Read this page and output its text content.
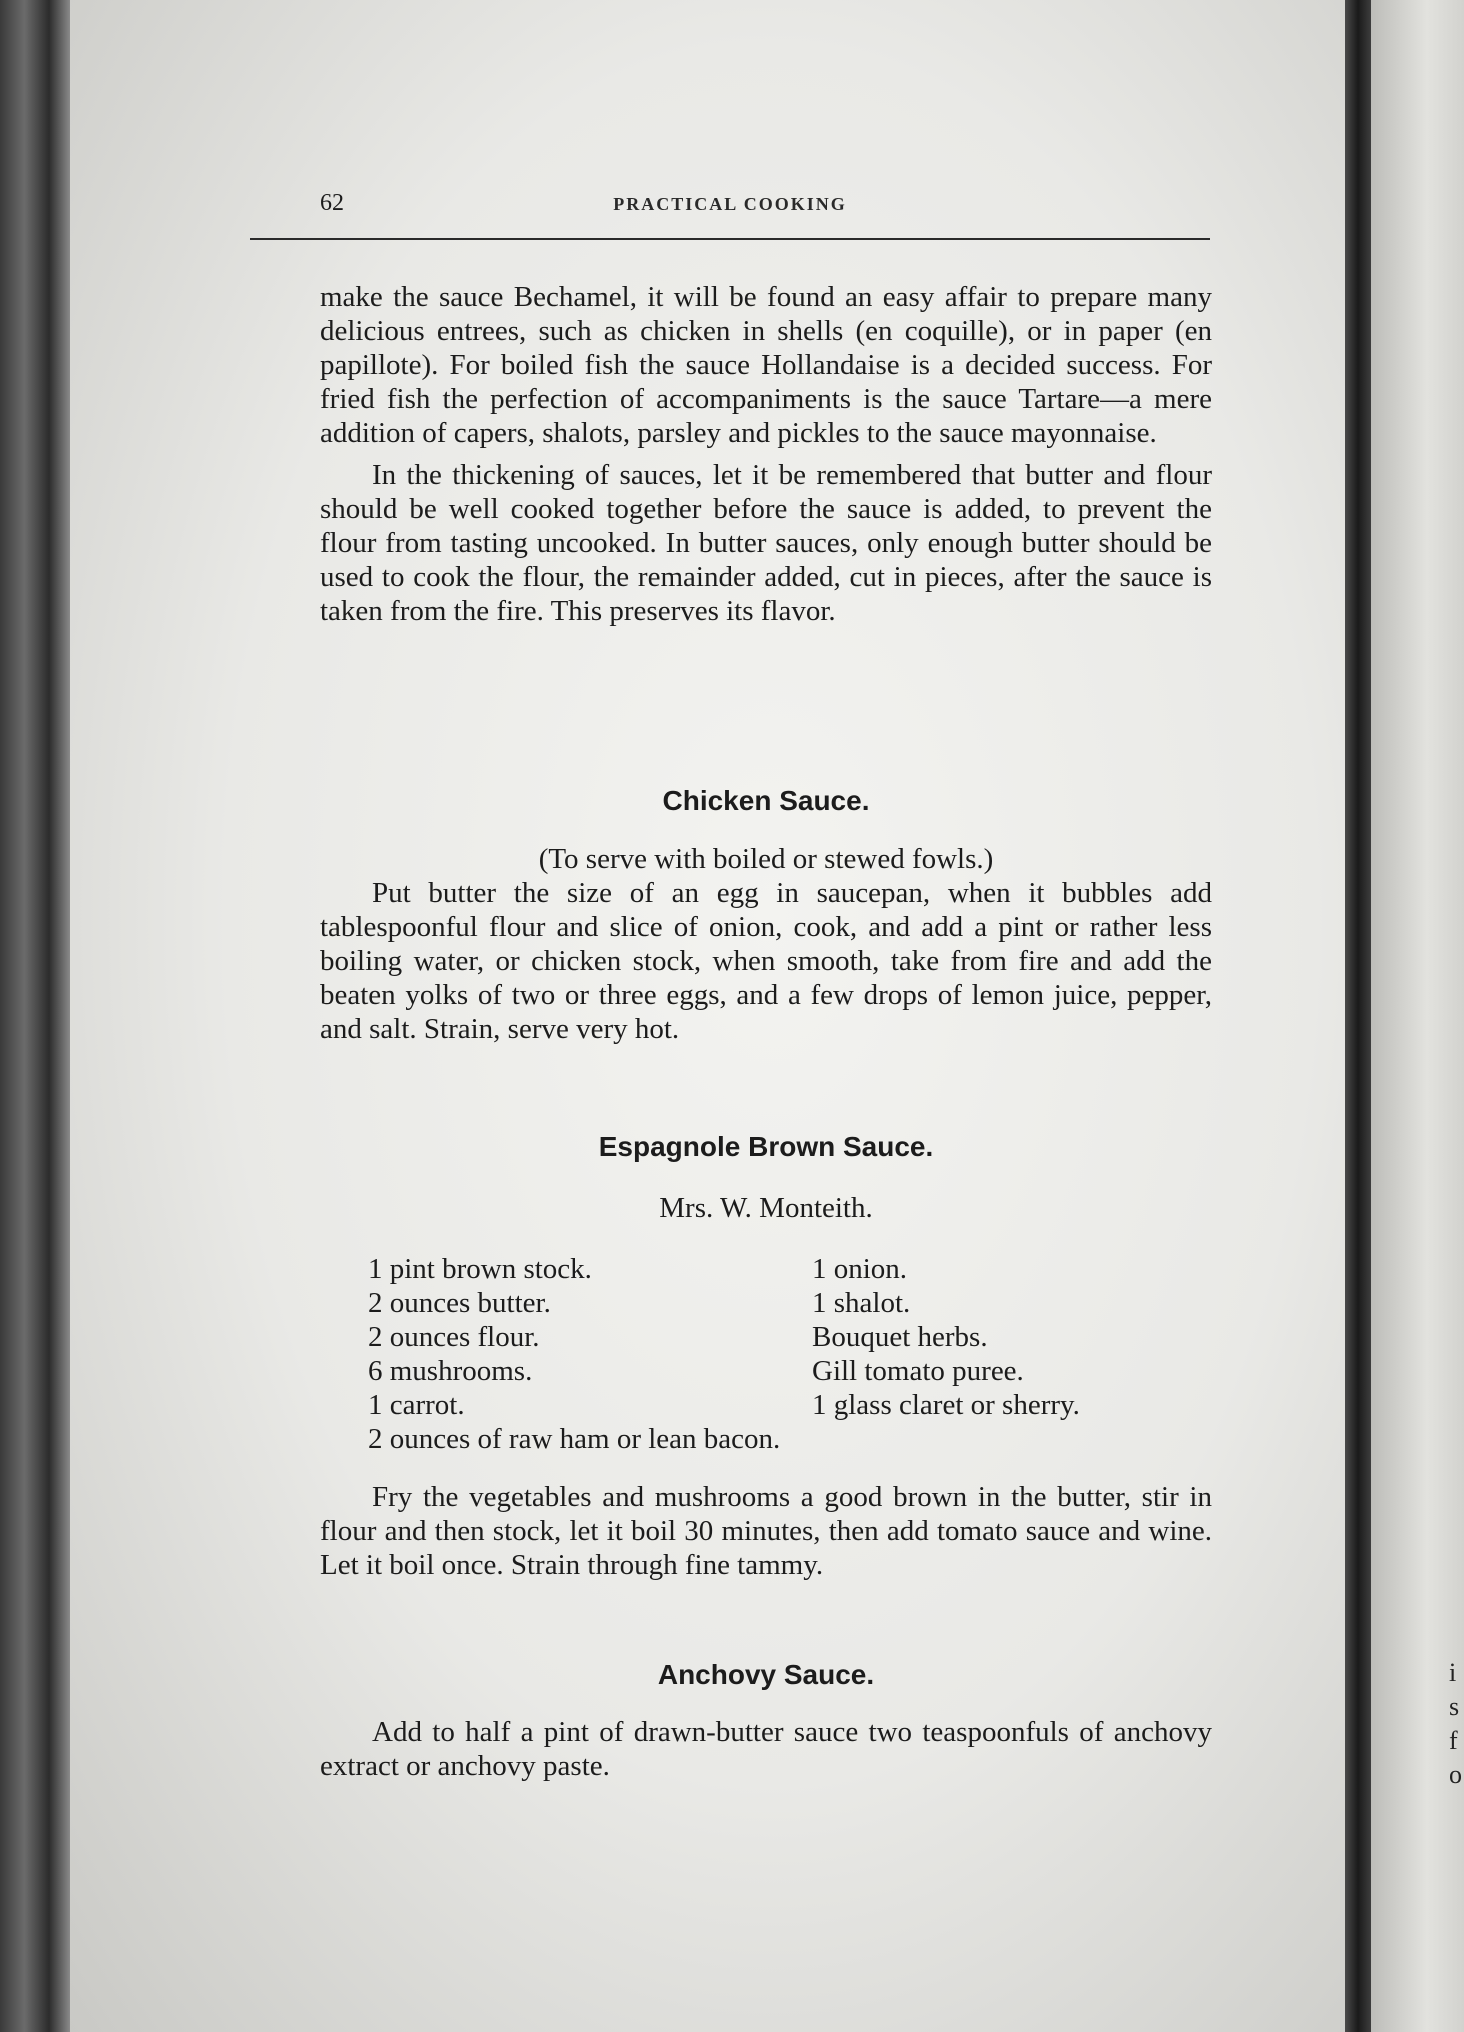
62	PRACTICAL COOKING

make the sauce Bechamel, it will be found an easy affair to prepare many delicious entrees, such as chicken in shells (en coquille), or in paper (en papillote). For boiled fish the sauce Hollandaise is a decided success. For fried fish the perfection of accompaniments is the sauce Tartare—a mere addition of capers, shalots, parsley and pickles to the sauce mayonnaise.

In the thickening of sauces, let it be remembered that butter and flour should be well cooked together before the sauce is added, to prevent the flour from tasting uncooked. In butter sauces, only enough butter should be used to cook the flour, the remainder added, cut in pieces, after the sauce is taken from the fire. This preserves its flavor.

Chicken Sauce.

(To serve with boiled or stewed fowls.)

Put butter the size of an egg in saucepan, when it bubbles add tablespoonful flour and slice of onion, cook, and add a pint or rather less boiling water, or chicken stock, when smooth, take from fire and add the beaten yolks of two or three eggs, and a few drops of lemon juice, pepper, and salt. Strain, serve very hot.

Espagnole Brown Sauce.
Mrs. W. Monteith.
1 pint brown stock.	1 onion.
2 ounces butter.	1 shalot.
2 ounces flour.	Bouquet herbs.
6 mushrooms.	Gill tomato puree.
1 carrot.	1 glass claret or sherry.
2 ounces of raw ham or lean bacon.

Fry the vegetables and mushrooms a good brown in the butter, stir in flour and then stock, let it boil 30 minutes, then add tomato sauce and wine. Let it boil once. Strain through fine tammy.

Anchovy Sauce.

Add to half a pint of drawn-butter sauce two teaspoonfuls of anchovy extract or anchovy paste.

i
s
f
o
